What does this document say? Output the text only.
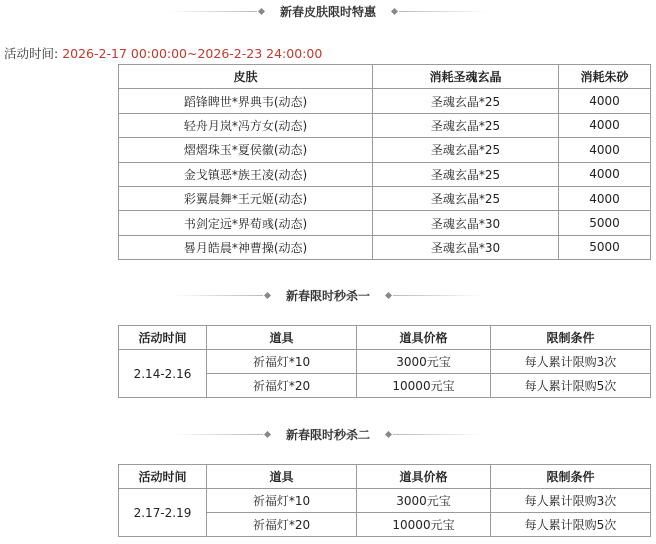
新春皮肤限时特惠
活动时间: 2026-2-17 00:00:00~2026-2-23 24:00:00
皮肤	消耗圣魂玄晶	消耗朱砂
蹈锋睥世*界典韦(动态)	圣魂玄晶*25	4000
轻舟月岚*冯方女(动态)	圣魂玄晶*25	4000
熠熠珠玉*夏侯徽(动态)	圣魂玄晶*25	4000
金戈镇恶*族王凌(动态)	圣魂玄晶*25	4000
彩翼晨舞*王元姬(动态)	圣魂玄晶*25	4000
书剑定远*界荀彧(动态)	圣魂玄晶*30	5000
晷月皓晨*神曹操(动态)	圣魂玄晶*30	5000
新春限时秒杀一
活动时间	道具	道具价格	限制条件
2.14-2.16	祈福灯*10	3000元宝	每人累计限购3次
	祈福灯*20	10000元宝	每人累计限购5次
新春限时秒杀二
活动时间	道具	道具价格	限制条件
2.17-2.19	祈福灯*10	3000元宝	每人累计限购3次
	祈福灯*20	10000元宝	每人累计限购5次
